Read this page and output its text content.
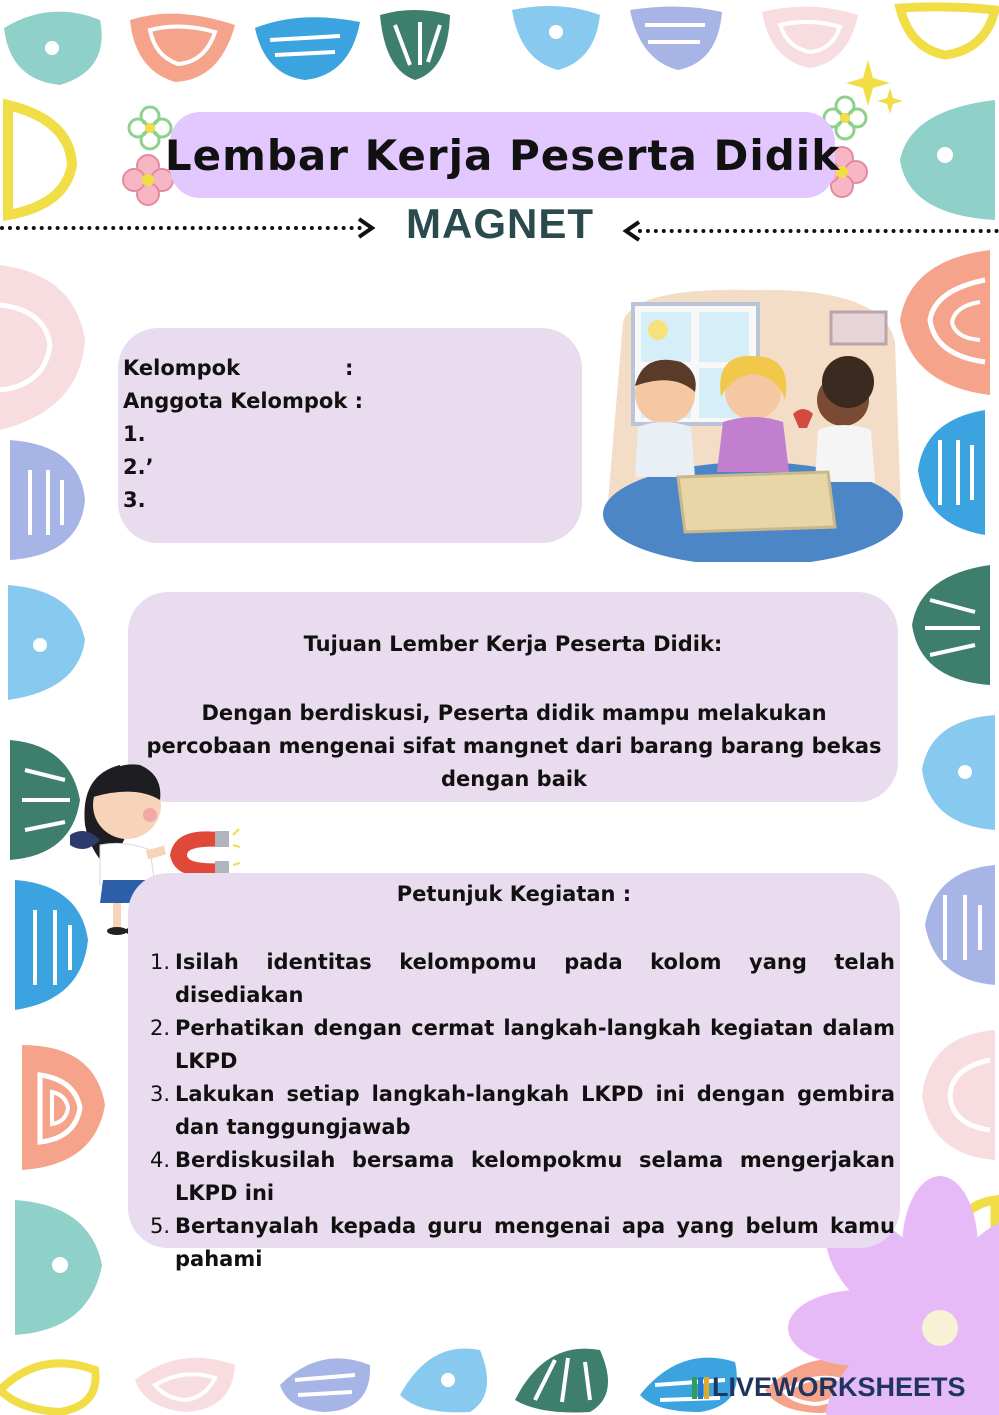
Lembar Kerja Peserta Didik
MAGNET
Kelompok	:
Anggota Kelompok :
1.
2.’
3.
Tujuan Lember Kerja Peserta Didik:
Dengan berdiskusi, Peserta didik mampu melakukan percobaan mengenai sifat mangnet dari barang barang bekas dengan baik
Petunjuk Kegiatan :
1. Isilah identitas kelompomu pada kolom yang telah disediakan
2. Perhatikan dengan cermat langkah-langkah kegiatan dalam LKPD
3. Lakukan setiap langkah-langkah LKPD ini dengan gembira dan tanggungjawab
4. Berdiskusilah bersama kelompokmu selama mengerjakan LKPD ini
5. Bertanyalah kepada guru mengenai apa yang belum kamu pahami
LIVEWORKSHEETS
